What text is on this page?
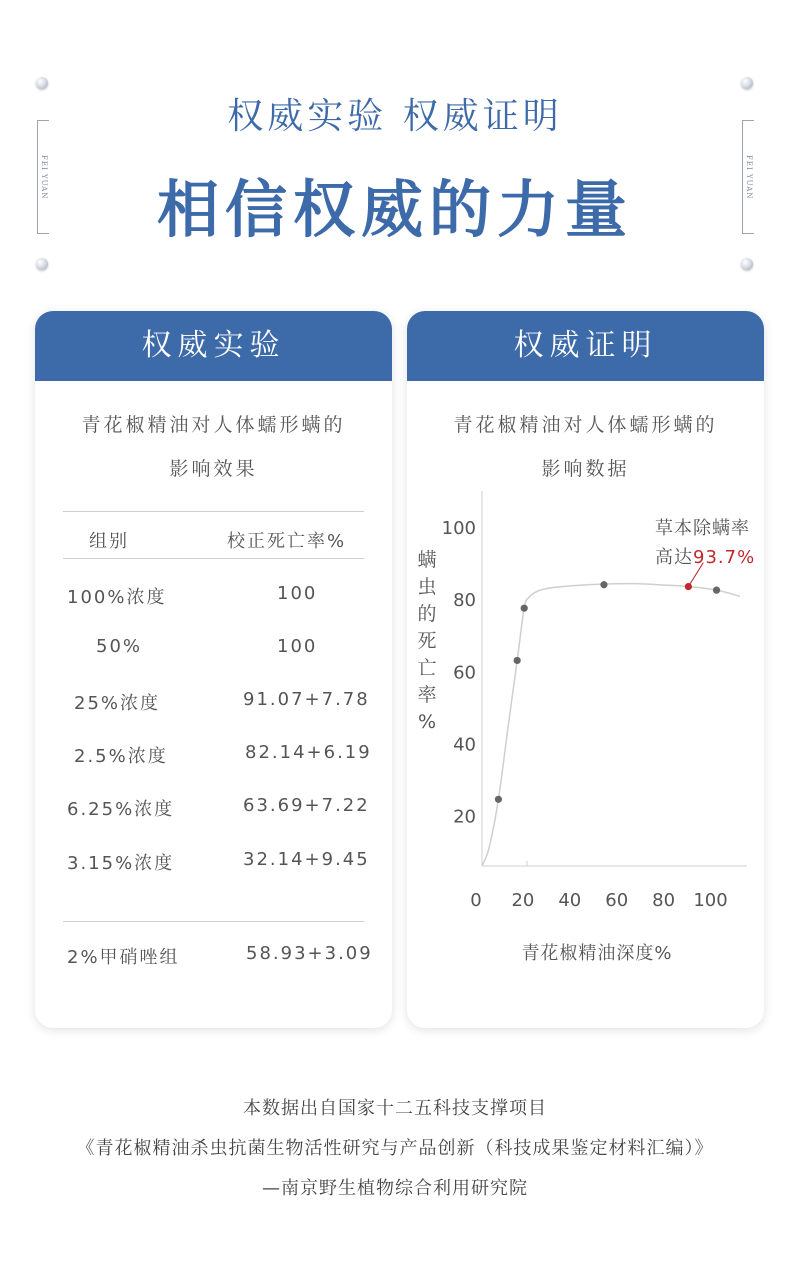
FEI YUAN	FEI YUAN
权威实验 权威证明
相信权威的力量
权威实验
青花椒精油对人体蠕形螨的
影响效果
组别	校正死亡率%
100%浓度	100
50%	100
25%浓度	91.07+7.78
2.5%浓度	82.14+6.19
6.25%浓度	63.69+7.22
3.15%浓度	32.14+9.45
2%甲硝唑组	58.93+3.09
权威证明
青花椒精油对人体蠕形螨的
影响数据
20
40
60
80
100
0 20 40 60 80 100
螨虫的死亡率%
青花椒精油深度%
草本除螨率
高达93.7%
本数据出自国家十二五科技支撑项目
《青花椒精油杀虫抗菌生物活性研究与产品创新（科技成果鉴定材料汇编）》
—南京野生植物综合利用研究院
